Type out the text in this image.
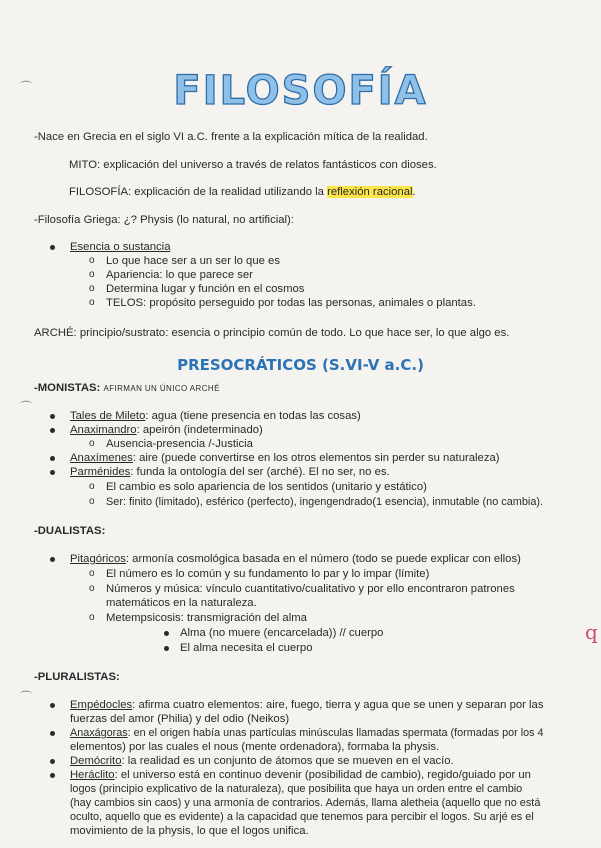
⌒
⌒
⌒
FILOSOFÍA
-Nace en Grecia en el siglo VI a.C. frente a la explicación mítica de la realidad.
MITO: explicación del universo a través de relatos fantásticos con dioses.
FILOSOFÍA: explicación de la realidad utilizando la reflexión racional.
-Filosofía Griega: ¿? Physis (lo natural, no artificial):
Esencia o sustancia
o Lo que hace ser a un ser lo que es
o Apariencia: lo que parece ser
o Determina lugar y función en el cosmos
o TELOS: propósito perseguido por todas las personas, animales o plantas.
ARCHÉ: principio/sustrato: esencia o principio común de todo. Lo que hace ser, lo que algo es.
PRESOCRÁTICOS (S.VI-V a.C.)
-MONISTAS: AFIRMAN UN ÚNICO ARCHÉ
Tales de Mileto: agua (tiene presencia en todas las cosas)
Anaximandro: apeirón (indeterminado)
o Ausencia-presencia /-Justicia
Anaxímenes: aire (puede convertirse en los otros elementos sin perder su naturaleza)
Parménides: funda la ontología del ser (arché). El no ser, no es.
o El cambio es solo apariencia de los sentidos (unitario y estático)
o Ser: finito (limitado), esférico (perfecto), ingengendrado(1 esencia), inmutable (no cambia).
-DUALISTAS:
Pitagóricos: armonía cosmológica basada en el número (todo se puede explicar con ellos)
o El número es lo común y su fundamento lo par y lo impar (límite)
o Números y música: vínculo cuantitativo/cualitativo y por ello encontraron patrones
matemáticos en la naturaleza.
o Metempsicosis: transmigración del alma
Alma (no muere (encarcelada)) // cuerpo
El alma necesita el cuerpo
-PLURALISTAS:
Empédocles: afirma cuatro elementos: aire, fuego, tierra y agua que se unen y separan por las
fuerzas del amor (Philia) y del odio (Neikos)
Anaxágoras: en el origen había unas partículas minúsculas llamadas spermata (formadas por los 4
elementos) por las cuales el nous (mente ordenadora), formaba la physis.
Demócrito: la realidad es un conjunto de átomos que se mueven en el vacío.
Heráclito: el universo está en continuo devenir (posibilidad de cambio), regido/guiado por un
logos (principio explicativo de la naturaleza), que posibilita que haya un orden entre el cambio
(hay cambios sin caos) y una armonía de contrarios. Además, llama aletheia (aquello que no está
oculto, aquello que es evidente) a la capacidad que tenemos para percibir el logos. Su arjé es el
movimiento de la physis, lo que el logos unifica.
q
